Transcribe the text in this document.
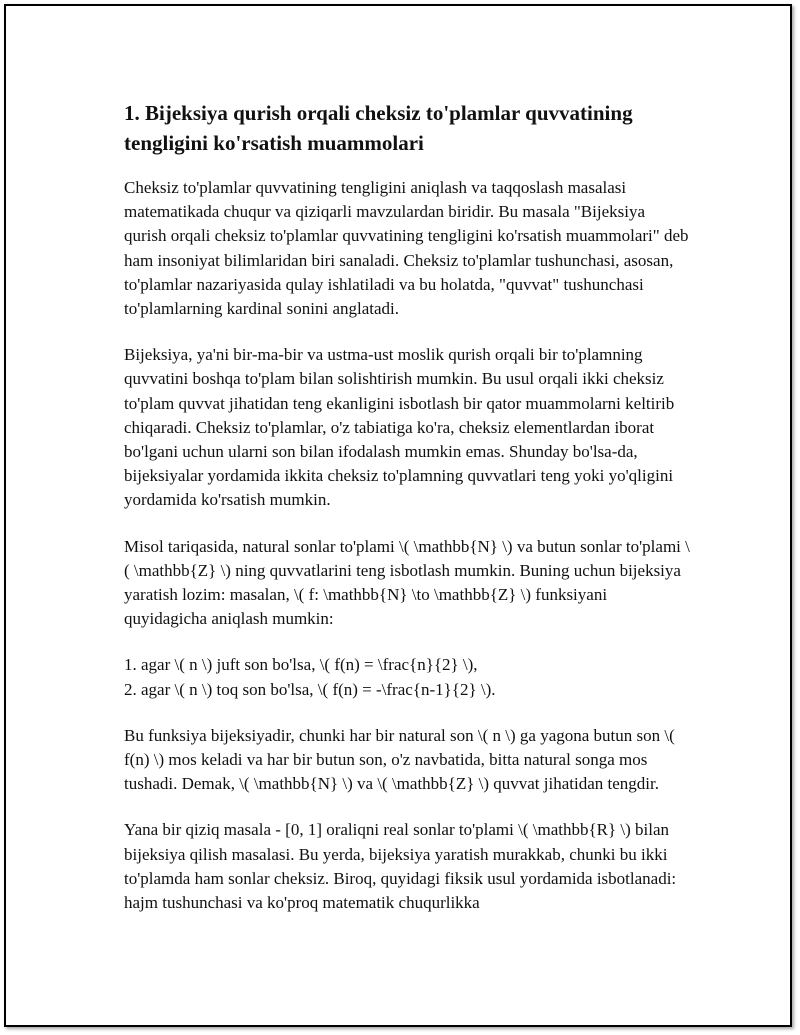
1. Bijeksiya qurish orqali cheksiz to'plamlar quvvatining tengligini ko'rsatish muammolari

Cheksiz to'plamlar quvvatining tengligini aniqlash va taqqoslash masalasi matematikada chuqur va qiziqarli mavzulardan biridir. Bu masala "Bijeksiya qurish orqali cheksiz to'plamlar quvvatining tengligini ko'rsatish muammolari" deb ham insoniyat bilimlaridan biri sanaladi. Cheksiz to'plamlar tushunchasi, asosan, to'plamlar nazariyasida qulay ishlatiladi va bu holatda, "quvvat" tushunchasi to'plamlarning kardinal sonini anglatadi.

Bijeksiya, ya'ni bir-ma-bir va ustma-ust moslik qurish orqali bir to'plamning quvvatini boshqa to'plam bilan solishtirish mumkin. Bu usul orqali ikki cheksiz to'plam quvvat jihatidan teng ekanligini isbotlash bir qator muammolarni keltirib chiqaradi. Cheksiz to'plamlar, o'z tabiatiga ko'ra, cheksiz elementlardan iborat bo'lgani uchun ularni son bilan ifodalash mumkin emas. Shunday bo'lsa-da, bijeksiyalar yordamida ikkita cheksiz to'plamning quvvatlari teng yoki yo'qligini yordamida ko'rsatish mumkin.

Misol tariqasida, natural sonlar to'plami \( \mathbb{N} \) va butun sonlar to'plami \( \mathbb{Z} \) ning quvvatlarini teng isbotlash mumkin. Buning uchun bijeksiya yaratish lozim: masalan, \( f: \mathbb{N} \to \mathbb{Z} \) funksiyani quyidagicha aniqlash mumkin:

1. agar \( n \) juft son bo'lsa, \( f(n) = \frac{n}{2} \),
2. agar \( n \) toq son bo'lsa, \( f(n) = -\frac{n-1}{2} \).

Bu funksiya bijeksiyadir, chunki har bir natural son \( n \) ga yagona butun son \( f(n) \) mos keladi va har bir butun son, o'z navbatida, bitta natural songa mos tushadi. Demak, \( \mathbb{N} \) va \( \mathbb{Z} \) quvvat jihatidan tengdir.

Yana bir qiziq masala - [0, 1] oraliqni real sonlar to'plami \( \mathbb{R} \) bilan bijeksiya qilish masalasi. Bu yerda, bijeksiya yaratish murakkab, chunki bu ikki to'plamda ham sonlar cheksiz. Biroq, quyidagi fiksik usul yordamida isbotlanadi: hajm tushunchasi va ko'proq matematik chuqurlikka
